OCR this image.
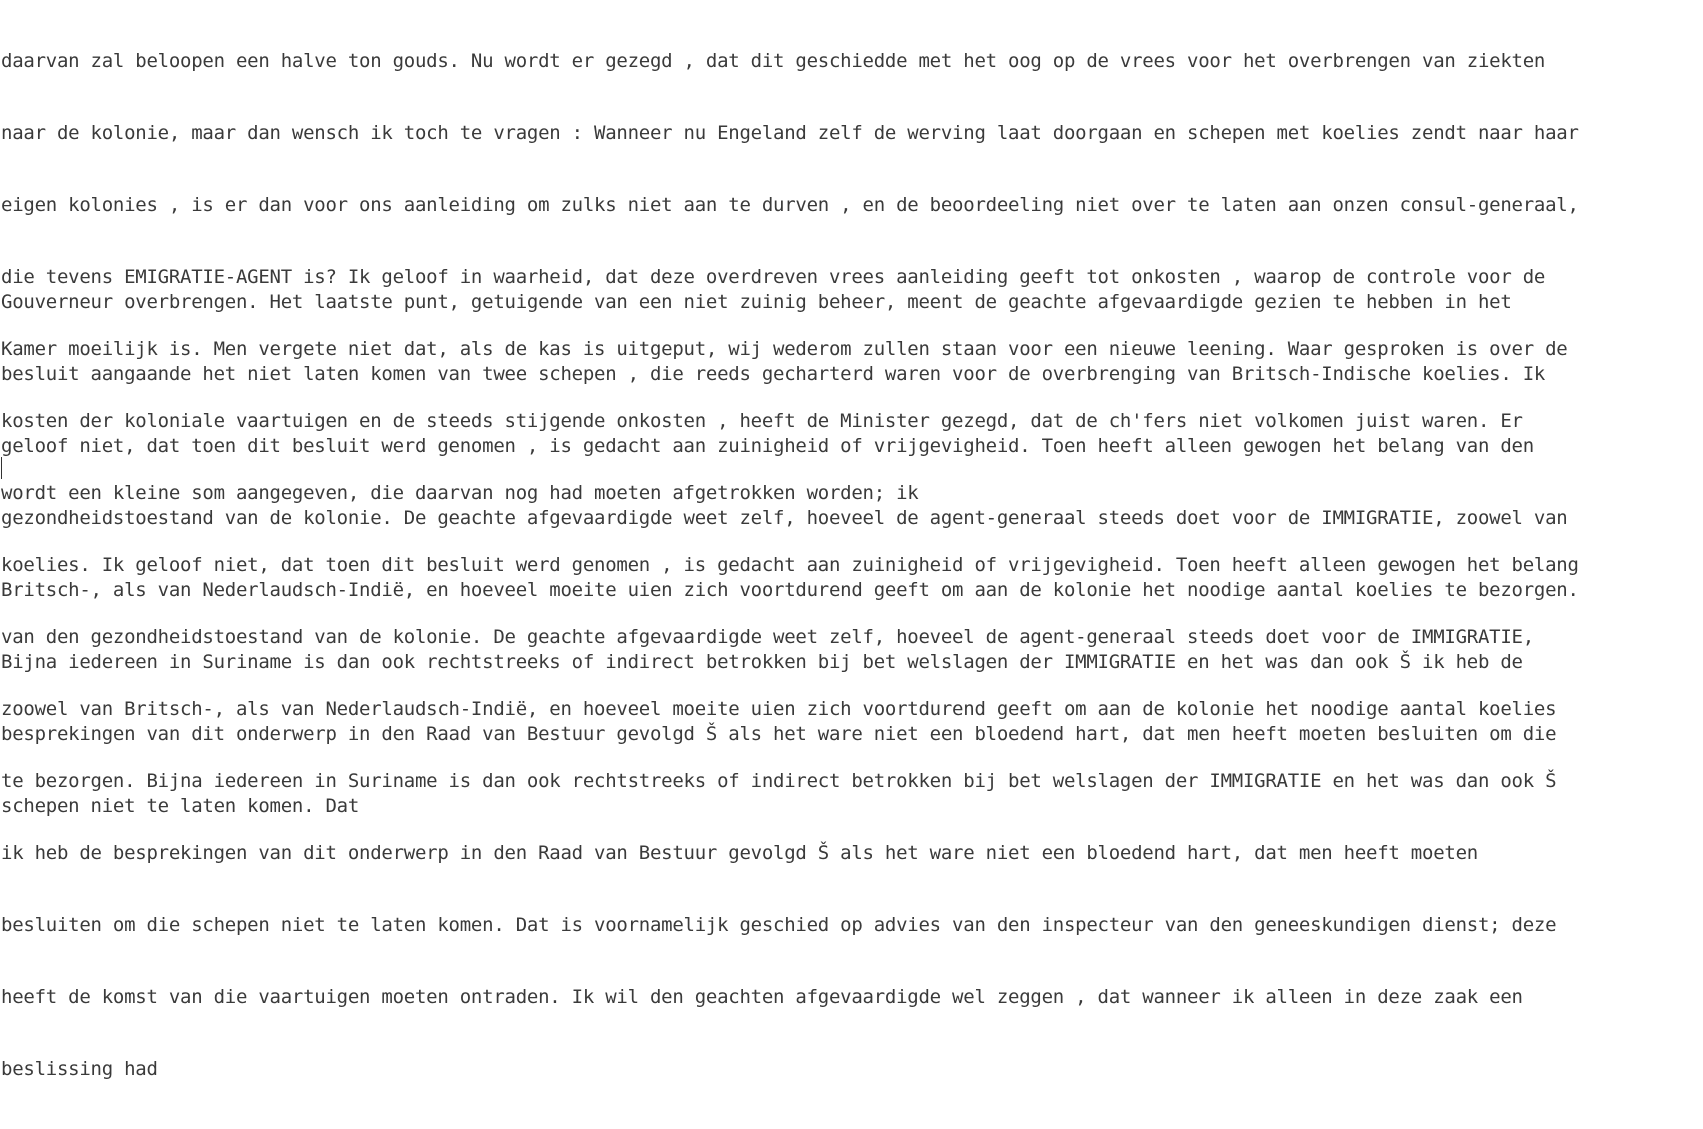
daarvan zal beloopen een halve ton gouds. Nu wordt er gezegd , dat dit geschiedde met het oog op de vrees voor het overbrengen van ziekten

naar de kolonie, maar dan wensch ik toch te vragen : Wanneer nu Engeland zelf de werving laat doorgaan en schepen met koelies zendt naar haar

eigen kolonies , is er dan voor ons aanleiding om zulks niet aan te durven , en de beoordeeling niet over te laten aan onzen consul-generaal,

die tevens EMIGRATIE-AGENT is? Ik geloof in waarheid, dat deze overdreven vrees aanleiding geeft tot onkosten , waarop de controle voor de

Kamer moeilijk is. Men vergete niet dat, als de kas is uitgeput, wij wederom zullen staan voor een nieuwe leening. Waar gesproken is over de

kosten der koloniale vaartuigen en de steeds stijgende onkosten , heeft de Minister gezegd, dat de ch'fers niet volkomen juist waren. Er

wordt een kleine som aangegeven, die daarvan nog had moeten afgetrokken worden; ik

Gouverneur overbrengen. Het laatste punt, getuigende van een niet zuinig beheer, meent de geachte afgevaardigde gezien te hebben in het

besluit aangaande het niet laten komen van twee schepen , die reeds gecharterd waren voor de overbrenging van Britsch-Indische koelies. Ik

geloof niet, dat toen dit besluit werd genomen , is gedacht aan zuinigheid of vrijgevigheid. Toen heeft alleen gewogen het belang van den

gezondheidstoestand van de kolonie. De geachte afgevaardigde weet zelf, hoeveel de agent-generaal steeds doet voor de IMMIGRATIE, zoowel van

Britsch-, als van Nederlaudsch-Indië, en hoeveel moeite uien zich voortdurend geeft om aan de kolonie het noodige aantal koelies te bezorgen.

Bijna iedereen in Suriname is dan ook rechtstreeks of indirect betrokken bij bet welslagen der IMMIGRATIE en het was dan ook Š ik heb de

besprekingen van dit onderwerp in den Raad van Bestuur gevolgd Š als het ware niet een bloedend hart, dat men heeft moeten besluiten om die

schepen niet te laten komen. Dat

koelies. Ik geloof niet, dat toen dit besluit werd genomen , is gedacht aan zuinigheid of vrijgevigheid. Toen heeft alleen gewogen het belang

van den gezondheidstoestand van de kolonie. De geachte afgevaardigde weet zelf, hoeveel de agent-generaal steeds doet voor de IMMIGRATIE,

zoowel van Britsch-, als van Nederlaudsch-Indië, en hoeveel moeite uien zich voortdurend geeft om aan de kolonie het noodige aantal koelies

te bezorgen. Bijna iedereen in Suriname is dan ook rechtstreeks of indirect betrokken bij bet welslagen der IMMIGRATIE en het was dan ook Š

ik heb de besprekingen van dit onderwerp in den Raad van Bestuur gevolgd Š als het ware niet een bloedend hart, dat men heeft moeten

besluiten om die schepen niet te laten komen. Dat is voornamelijk geschied op advies van den inspecteur van den geneeskundigen dienst; deze

heeft de komst van die vaartuigen moeten ontraden. Ik wil den geachten afgevaardigde wel zeggen , dat wanneer ik alleen in deze zaak een

beslissing had
